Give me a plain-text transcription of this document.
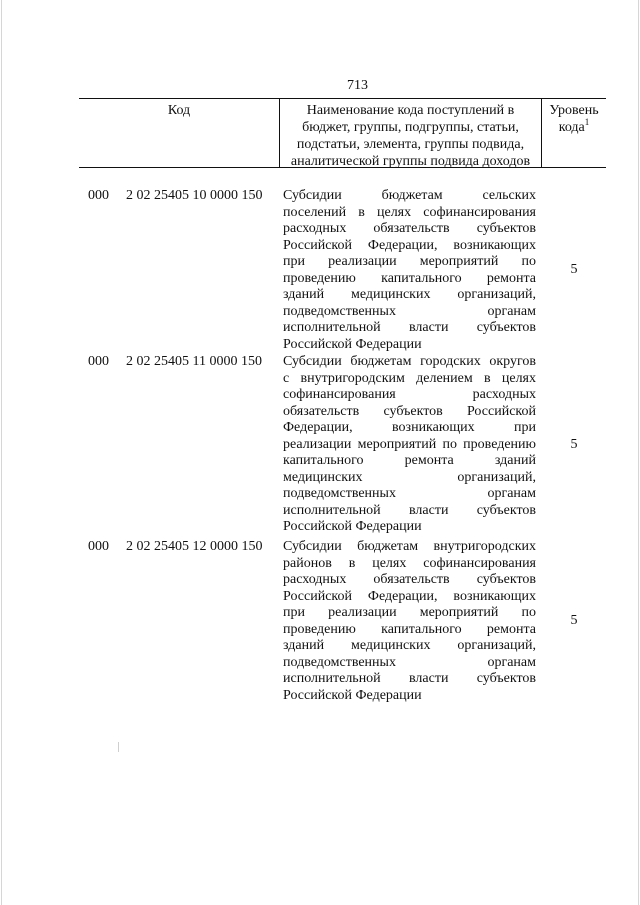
713
Код	Наименование кода поступлений в
бюджет, группы, подгруппы, статьи,
подстатьи, элемента, группы подвида,
аналитической группы подвида доходов
Уровень
кода$^1$
000 2 02 25405 10 0000 150 Субсидии бюджетам сельских
поселений в целях софинансирования
расходных обязательств субъектов
Российской Федерации, возникающих
при реализации мероприятий по
проведению капитального ремонта
зданий медицинских организаций,
подведомственных органам
исполнительной власти субъектов
Российской Федерации
5
000 2 02 25405 11 0000 150 Субсидии бюджетам городских округов
с внутригородским делением в целях
софинансирования расходных
обязательств субъектов Российской
Федерации, возникающих при
реализации мероприятий по проведению
капитального ремонта зданий
медицинских организаций,
подведомственных органам
исполнительной власти субъектов
Российской Федерации
5
000 2 02 25405 12 0000 150 Субсидии бюджетам внутригородских
районов в целях софинансирования
расходных обязательств субъектов
Российской Федерации, возникающих
при реализации мероприятий по
проведению капитального ремонта
зданий медицинских организаций,
подведомственных органам
исполнительной власти субъектов
Российской Федерации
5
